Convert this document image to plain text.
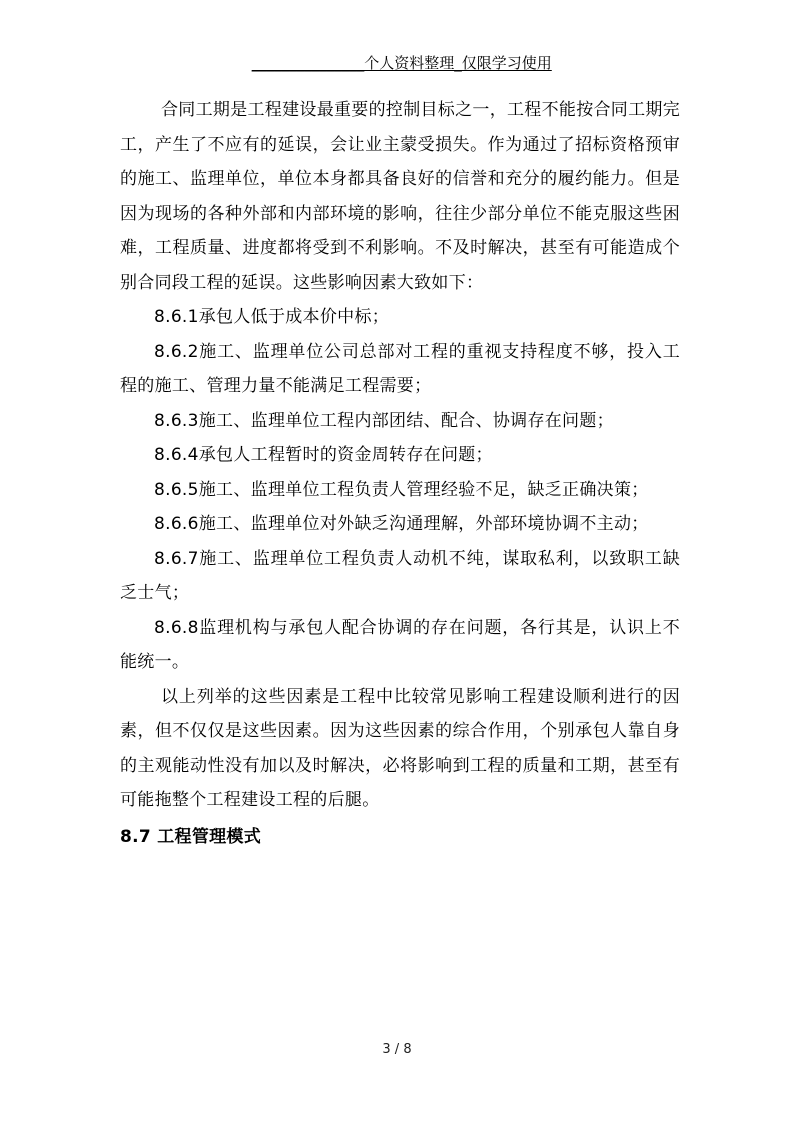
_______________个人资料整理_仅限学习使用

合同工期是工程建设最重要的控制目标之一，工程不能按合同工期完工，产生了不应有的延误，会让业主蒙受损失。作为通过了招标资格预审的施工、监理单位，单位本身都具备良好的信誉和充分的履约能力。但是因为现场的各种外部和内部环境的影响，往往少部分单位不能克服这些困难，工程质量、进度都将受到不利影响。不及时解决，甚至有可能造成个别合同段工程的延误。这些影响因素大致如下：

8.6.1承包人低于成本价中标；

8.6.2施工、监理单位公司总部对工程的重视支持程度不够，投入工程的施工、管理力量不能满足工程需要；

8.6.3施工、监理单位工程内部团结、配合、协调存在问题；

8.6.4承包人工程暂时的资金周转存在问题；

8.6.5施工、监理单位工程负责人管理经验不足，缺乏正确决策；

8.6.6施工、监理单位对外缺乏沟通理解，外部环境协调不主动；

8.6.7施工、监理单位工程负责人动机不纯，谋取私利，以致职工缺乏士气；

8.6.8监理机构与承包人配合协调的存在问题，各行其是，认识上不能统一。

以上列举的这些因素是工程中比较常见影响工程建设顺利进行的因素，但不仅仅是这些因素。因为这些因素的综合作用，个别承包人靠自身的主观能动性没有加以及时解决，必将影响到工程的质量和工期，甚至有可能拖整个工程建设工程的后腿。

8.7 工程管理模式

3 / 8
